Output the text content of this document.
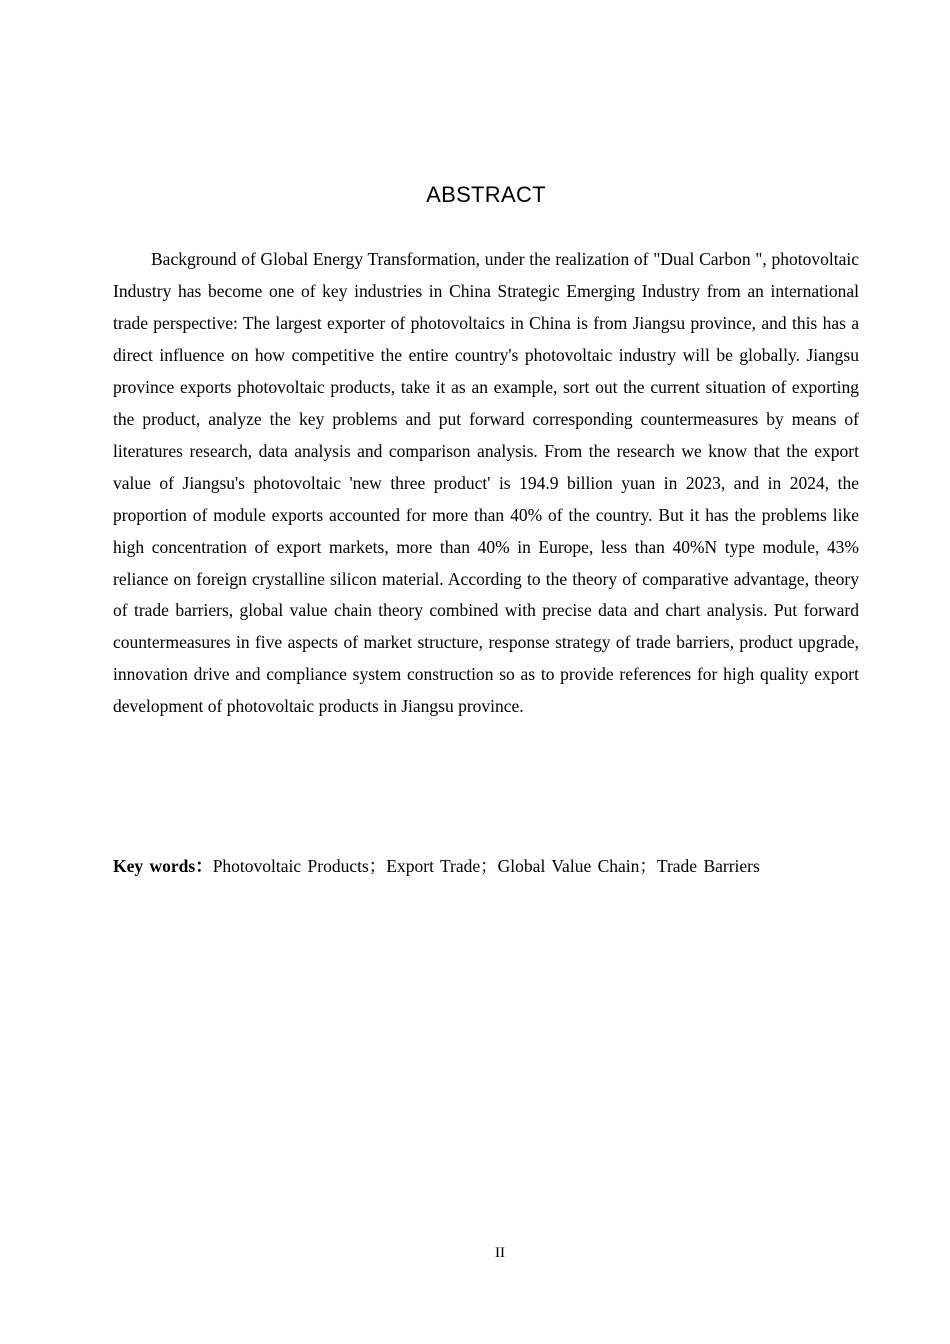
ABSTRACT

Background of Global Energy Transformation, under the realization of "Dual Carbon ", photovoltaic Industry has become one of key industries in China Strategic Emerging Industry from an international trade perspective: The largest exporter of photovoltaics in China is from Jiangsu province, and this has a direct influence on how competitive the entire country's photovoltaic industry will be globally. Jiangsu province exports photovoltaic products, take it as an example, sort out the current situation of exporting the product, analyze the key problems and put forward corresponding countermeasures by means of literatures research, data analysis and comparison analysis. From the research we know that the export value of Jiangsu's photovoltaic 'new three product' is 194.9 billion yuan in 2023, and in 2024, the proportion of module exports accounted for more than 40% of the country. But it has the problems like high concentration of export markets, more than 40% in Europe, less than 40%N type module, 43% reliance on foreign crystalline silicon material. According to the theory of comparative advantage, theory of trade barriers, global value chain theory combined with precise data and chart analysis. Put forward countermeasures in five aspects of market structure, response strategy of trade barriers, product upgrade, innovation drive and compliance system construction so as to provide references for high quality export development of photovoltaic products in Jiangsu province.

Key words：Photovoltaic Products；Export Trade；Global Value Chain；Trade Barriers

II
